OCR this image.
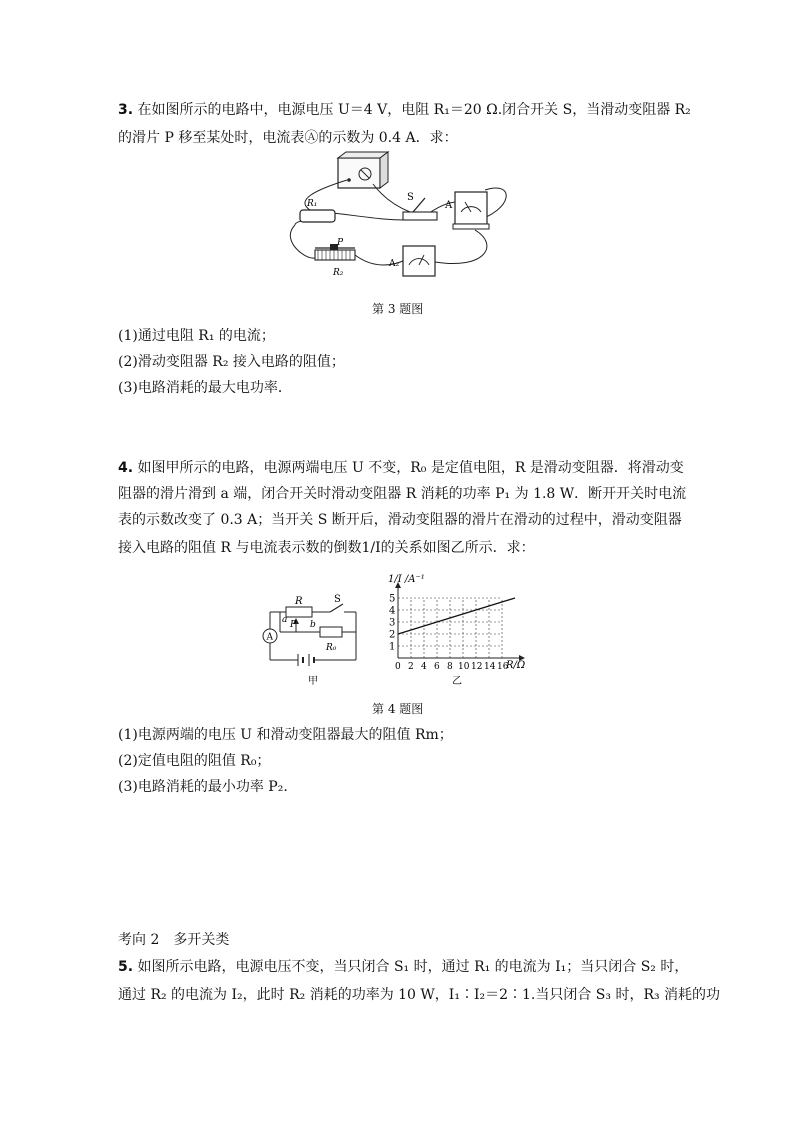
3. 在如图所示的电路中，电源电压 U＝4 V，电阻 R₁＝20 Ω.闭合开关 S，当滑动变阻器 R₂
的滑片 P 移至某处时，电流表Ⓐ的示数为 0.4 A．求：
R₁
S
A
P
R₂
A₂
第 3 题图
(1)通过电阻 R₁ 的电流；
(2)滑动变阻器 R₂ 接入电路的阻值；
(3)电路消耗的最大电功率．
4. 如图甲所示的电路，电源两端电压 U 不变，R₀ 是定值电阻，R 是滑动变阻器．将滑动变
阻器的滑片滑到 a 端，闭合开关时滑动变阻器 R 消耗的功率 P₁ 为 1.8 W．断开开关时电流
表的示数改变了 0.3 A；当开关 S 断开后，滑动变阻器的滑片在滑动的过程中，滑动变阻器
接入电路的阻值 R 与电流表示数的倒数1/I的关系如图乙所示．求：
A
R	S
a P b
R₀
甲
1
2
3
4
5
0 2 4 6 8 10 12 14 16
1/I /A⁻¹
R/Ω
乙
第 4 题图
(1)电源两端的电压 U 和滑动变阻器最大的阻值 Rm；
(2)定值电阻的阻值 R₀；
(3)电路消耗的最小功率 P₂.
考向 2　多开关类
5. 如图所示电路，电源电压不变，当只闭合 S₁ 时，通过 R₁ 的电流为 I₁；当只闭合 S₂ 时，
通过 R₂ 的电流为 I₂，此时 R₂ 消耗的功率为 10 W，I₁∶I₂＝2∶1.当只闭合 S₃ 时，R₃ 消耗的功
